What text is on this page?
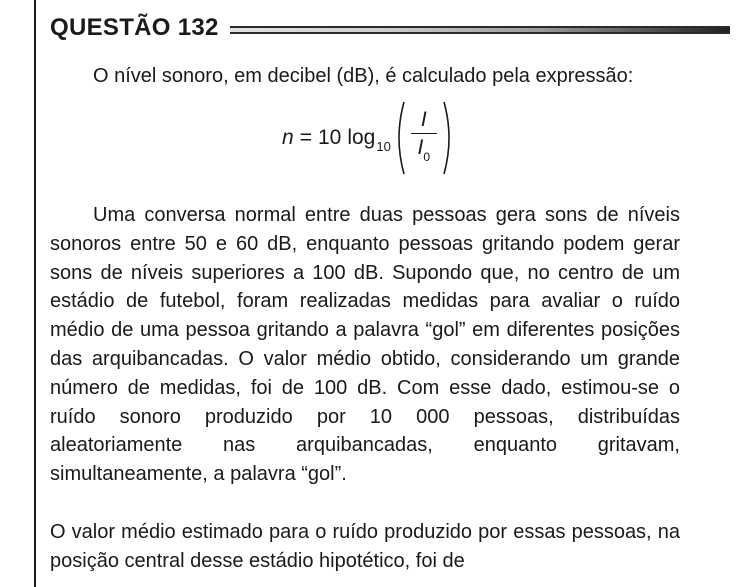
QUESTÃO 132
O nível sonoro, em decibel (dB), é calculado pela expressão:
n = 10 $\log 10 \frac{I}{I_0}$
Uma conversa normal entre duas pessoas gera sons de níveis sonoros entre 50 e 60 dB, enquanto pessoas gritando podem gerar sons de níveis superiores a 100 dB. Supondo que, no centro de um estádio de futebol, foram realizadas medidas para avaliar o ruído médio de uma pessoa gritando a palavra “gol” em diferentes posições das arquibancadas. O valor médio obtido, considerando um grande número de medidas, foi de 100 dB. Com esse dado, estimou-se o ruído sonoro produzido por 10 000 pessoas, distribuídas aleatoriamente nas arquibancadas, enquanto gritavam, simultaneamente, a palavra “gol”.
O valor médio estimado para o ruído produzido por essas pessoas, na posição central desse estádio hipotético, foi de
